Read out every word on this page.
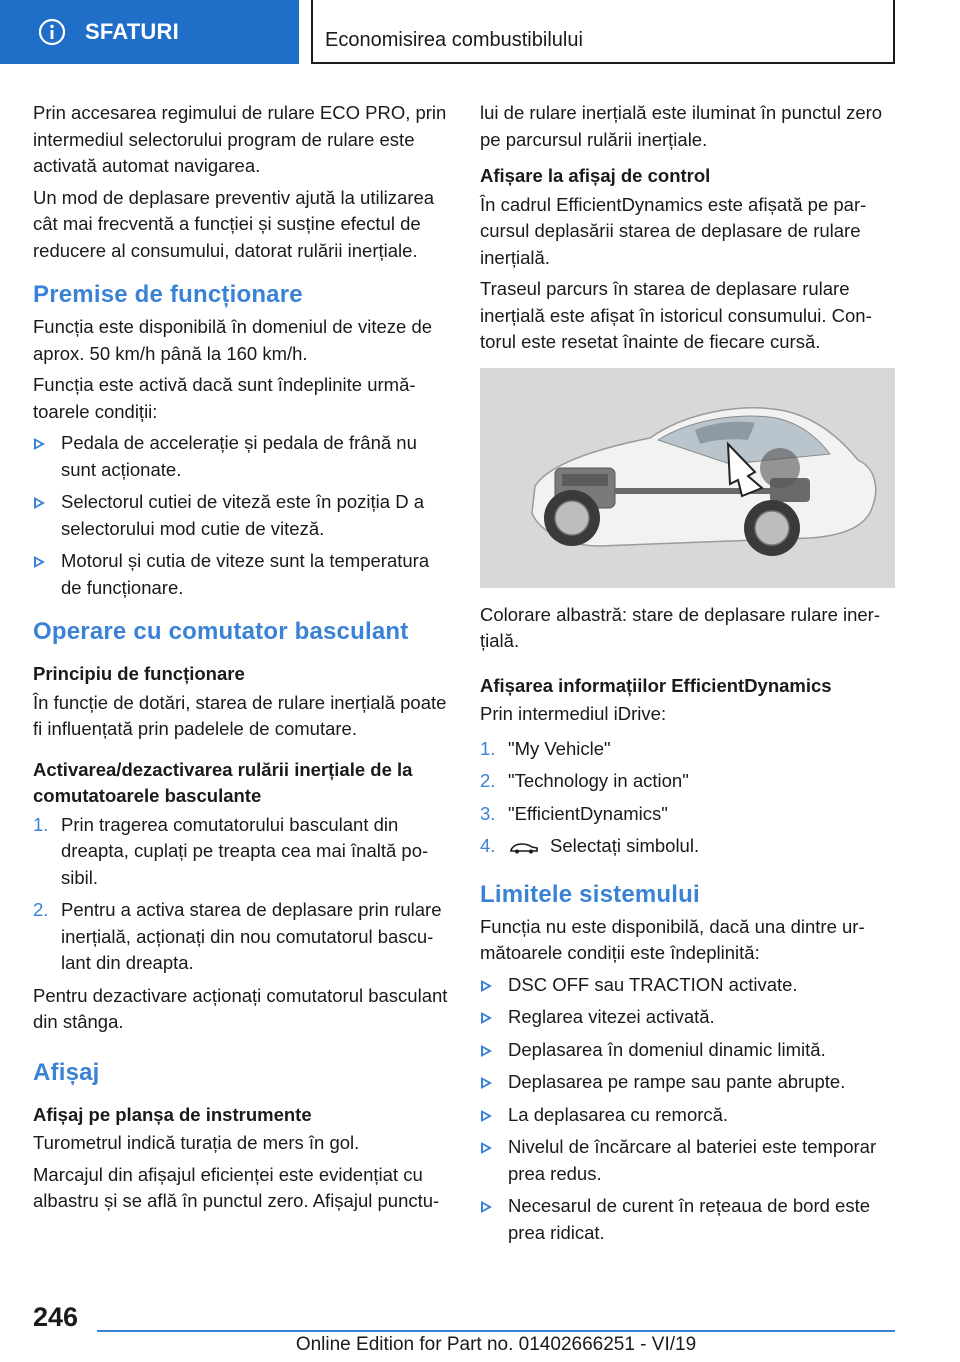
SFATURI	Economisirea combustibilului

Prin accesarea regimului de rulare ECO PRO, prin intermediul selectorului program de rulare este activată automat navigarea.

Un mod de deplasare preventiv ajută la utilizarea cât mai frecventă a funcției și susține efectul de reducere al consumului, datorat rulării inerțiale.

Premise de funcționare

Funcția este disponibilă în domeniul de viteze de aprox. 50 km/h până la 160 km/h.

Funcția este activă dacă sunt îndeplinite următoarele condiții:

Pedala de accelerație și pedala de frână nu sunt acționate.
Selectorul cutiei de viteză este în poziția D a selectorului mod cutie de viteză.
Motorul și cutia de viteze sunt la temperatura de funcționare.
Operare cu comutator basculant
Principiu de funcționare

În funcție de dotări, starea de rulare inerțială poate fi influențată prin padelele de comutare.

Activarea/dezactivarea rulării inerțiale de la comutatoarele basculante
1. Prin tragerea comutatorului basculant din dreapta, cuplați pe treapta cea mai înaltă posibil.
2. Pentru a activa starea de deplasare prin rulare inerțială, acționați din nou comutatorul basculant din dreapta.

Pentru dezactivare acționați comutatorul basculant din stânga.

Afișaj
Afișaj pe planșa de instrumente

Turometrul indică turația de mers în gol.

Marcajul din afișajul eficienței este evidențiat cu albastru și se află în punctul zero. Afișajul punctu-

lui de rulare inerțială este iluminat în punctul zero pe parcursul rulării inerțiale.

Afișare la afișaj de control

În cadrul EfficientDynamics este afișată pe parcursul deplasării starea de deplasare de rulare inerțială.

Traseul parcurs în starea de deplasare rulare inerțială este afișat în istoricul consumului. Contorul este resetat înainte de fiecare cursă.

Colorare albastră: stare de deplasare rulare inerțială.

Afișarea informațiilor EfficientDynamics

Prin intermediul iDrive:

1. "My Vehicle"
2. "Technology in action"
3. "EfficientDynamics"
4.	Selectați simbolul.
Limitele sistemului

Funcția nu este disponibilă, dacă una dintre următoarele condiții este îndeplinită:

DSC OFF sau TRACTION activate.
Reglarea vitezei activată.
Deplasarea în domeniul dinamic limită.
Deplasarea pe rampe sau pante abrupte.
La deplasarea cu remorcă.
Nivelul de încărcare al bateriei este temporar prea redus.
Necesarul de curent în rețeaua de bord este prea ridicat.
246
Online Edition for Part no. 01402666251 - VI/19
